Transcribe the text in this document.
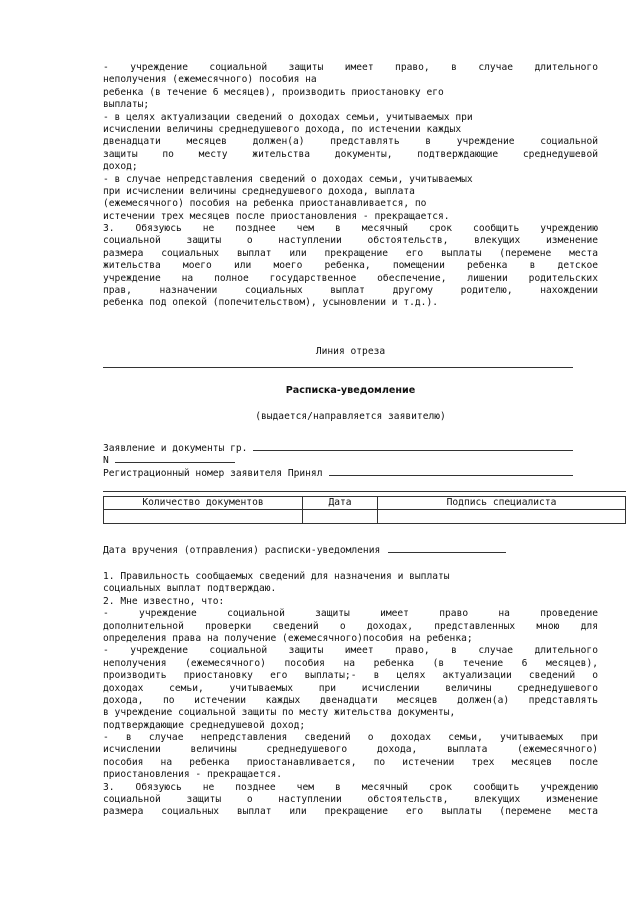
- учреждение социальной защиты имеет право, в случае длительного
неполучения (ежемесячного) пособия на
ребенка (в течение 6 месяцев), производить приостановку его
выплаты;
- в целях актуализации сведений о доходах семьи, учитываемых при
исчислении величины среднедушевого дохода, по истечении каждых
двенадцати месяцев должен(а) представлять в учреждение социальной
защиты по месту жительства документы, подтверждающие среднедушевой
доход;
- в случае непредставления сведений о доходах семьи, учитываемых
при исчислении величины среднедушевого дохода, выплата
(ежемесячного) пособия на ребенка приостанавливается, по
истечении трех месяцев после приостановления - прекращается.
3. Обязуюсь не позднее чем в месячный срок сообщить учреждению
социальной защиты о наступлении обстоятельств, влекущих изменение
размера социальных выплат или прекращение его выплаты (перемене места
жительства моего или моего ребенка, помещении ребенка в детское
учреждение на полное государственное обеспечение, лишении родительских
прав, назначении социальных выплат другому родителю, нахождении
ребенка под опекой (попечительством), усыновлении и т.д.).
Линия отреза
Расписка-уведомление
(выдается/направляется заявителю)
Заявление и документы гр.
N
Регистрационный номер заявителя Принял
Количество документов	Дата	Подпись специалиста

Дата вручения (отправления) расписки-уведомления
1. Правильность сообщаемых сведений для назначения и выплаты
социальных выплат подтверждаю.
2. Мне известно, что:
- учреждение социальной защиты имеет право на проведение
дополнительной проверки сведений о доходах, представленных мною для
определения права на получение (ежемесячного)пособия на ребенка;
- учреждение социальной защиты имеет право, в случае длительного
неполучения (ежемесячного) пособия на ребенка (в течение 6 месяцев),
производить приостановку его выплаты;- в целях актуализации сведений о
доходах семьи, учитываемых при исчислении величины среднедушевого
дохода, по истечении каждых двенадцати месяцев должен(а) представлять
в учреждение социальной защиты по месту жительства документы,
подтверждающие среднедушевой доход;
- в случае непредставления сведений о доходах семьи, учитываемых при
исчислении величины среднедушевого дохода, выплата (ежемесячного)
пособия на ребенка приостанавливается, по истечении трех месяцев после
приостановления - прекращается.
3. Обязуюсь не позднее чем в месячный срок сообщить учреждению
социальной защиты о наступлении обстоятельств, влекущих изменение
размера социальных выплат или прекращение его выплаты (перемене места
